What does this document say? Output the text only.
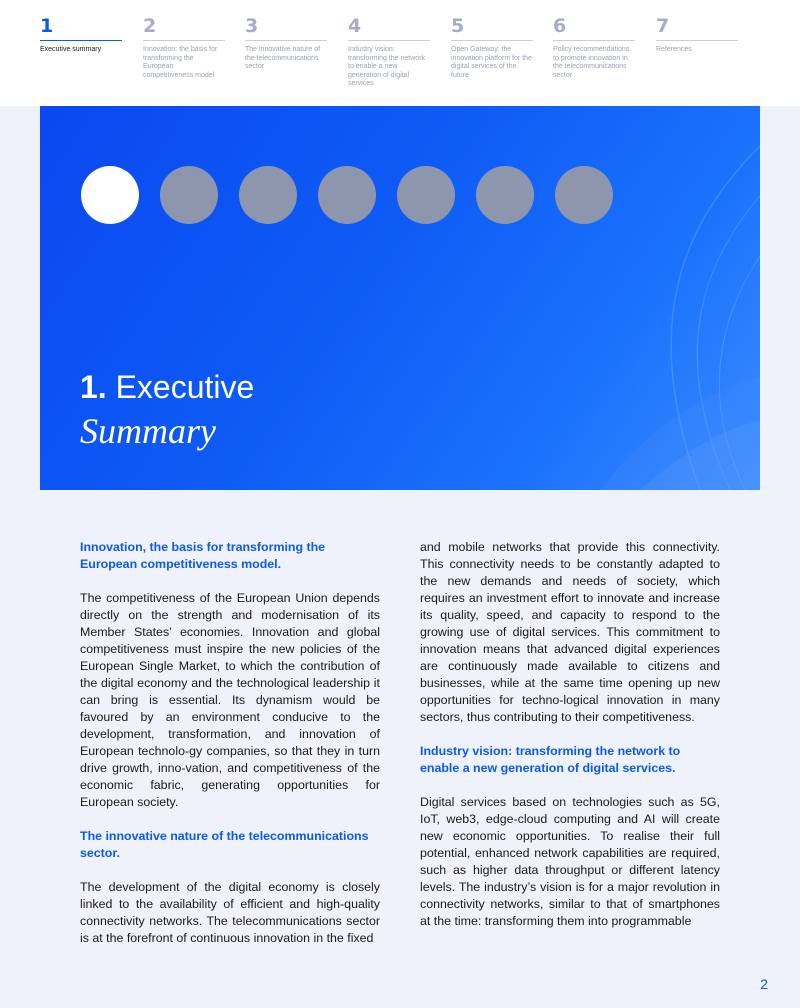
1
Executive summary
2
Innovation: the basis for transforming the European competitiveness model
3
The innovative nature of the telecommunications sector
4
Industry vision: transforming the network to enable a new generation of digital services
5
Open Gateway: the innovation platform for the digital services of the future
6
Policy recommendations to promote innovation in the telecommunications sector
7
References
1. Executive
Summary
Innovation, the basis for transforming the European competitiveness model.

The competitiveness of the European Union depends directly on the strength and modernisation of its Member States’ economies. Innovation and global competitiveness must inspire the new policies of the European Single Market, to which the contribution of the digital economy and the technological leadership it can bring is essential. Its dynamism would be favoured by an environment conducive to the development, transformation, and innovation of European technolo-gy companies, so that they in turn drive growth, inno-vation, and competitiveness of the economic fabric, generating opportunities for European society.

The innovative nature of the telecommunications sector.

The development of the digital economy is closely linked to the availability of efficient and high-quality connectivity networks. The telecommunications sector is at the forefront of continuous innovation in the fixed

and mobile networks that provide this connectivity. This connectivity needs to be constantly adapted to the new demands and needs of society, which requires an investment effort to innovate and increase its quality, speed, and capacity to respond to the growing use of digital services. This commitment to innovation means that advanced digital experiences are continuously made available to citizens and businesses, while at the same time opening up new opportunities for techno-logical innovation in many sectors, thus contributing to their competitiveness.

Industry vision: transforming the network to enable a new generation of digital services.

Digital services based on technologies such as 5G, IoT, web3, edge-cloud computing and AI will create new economic opportunities. To realise their full potential, enhanced network capabilities are required, such as higher data throughput or different latency levels. The industry’s vision is for a major revolution in connectivity networks, similar to that of smartphones at the time: transforming them into programmable

2
